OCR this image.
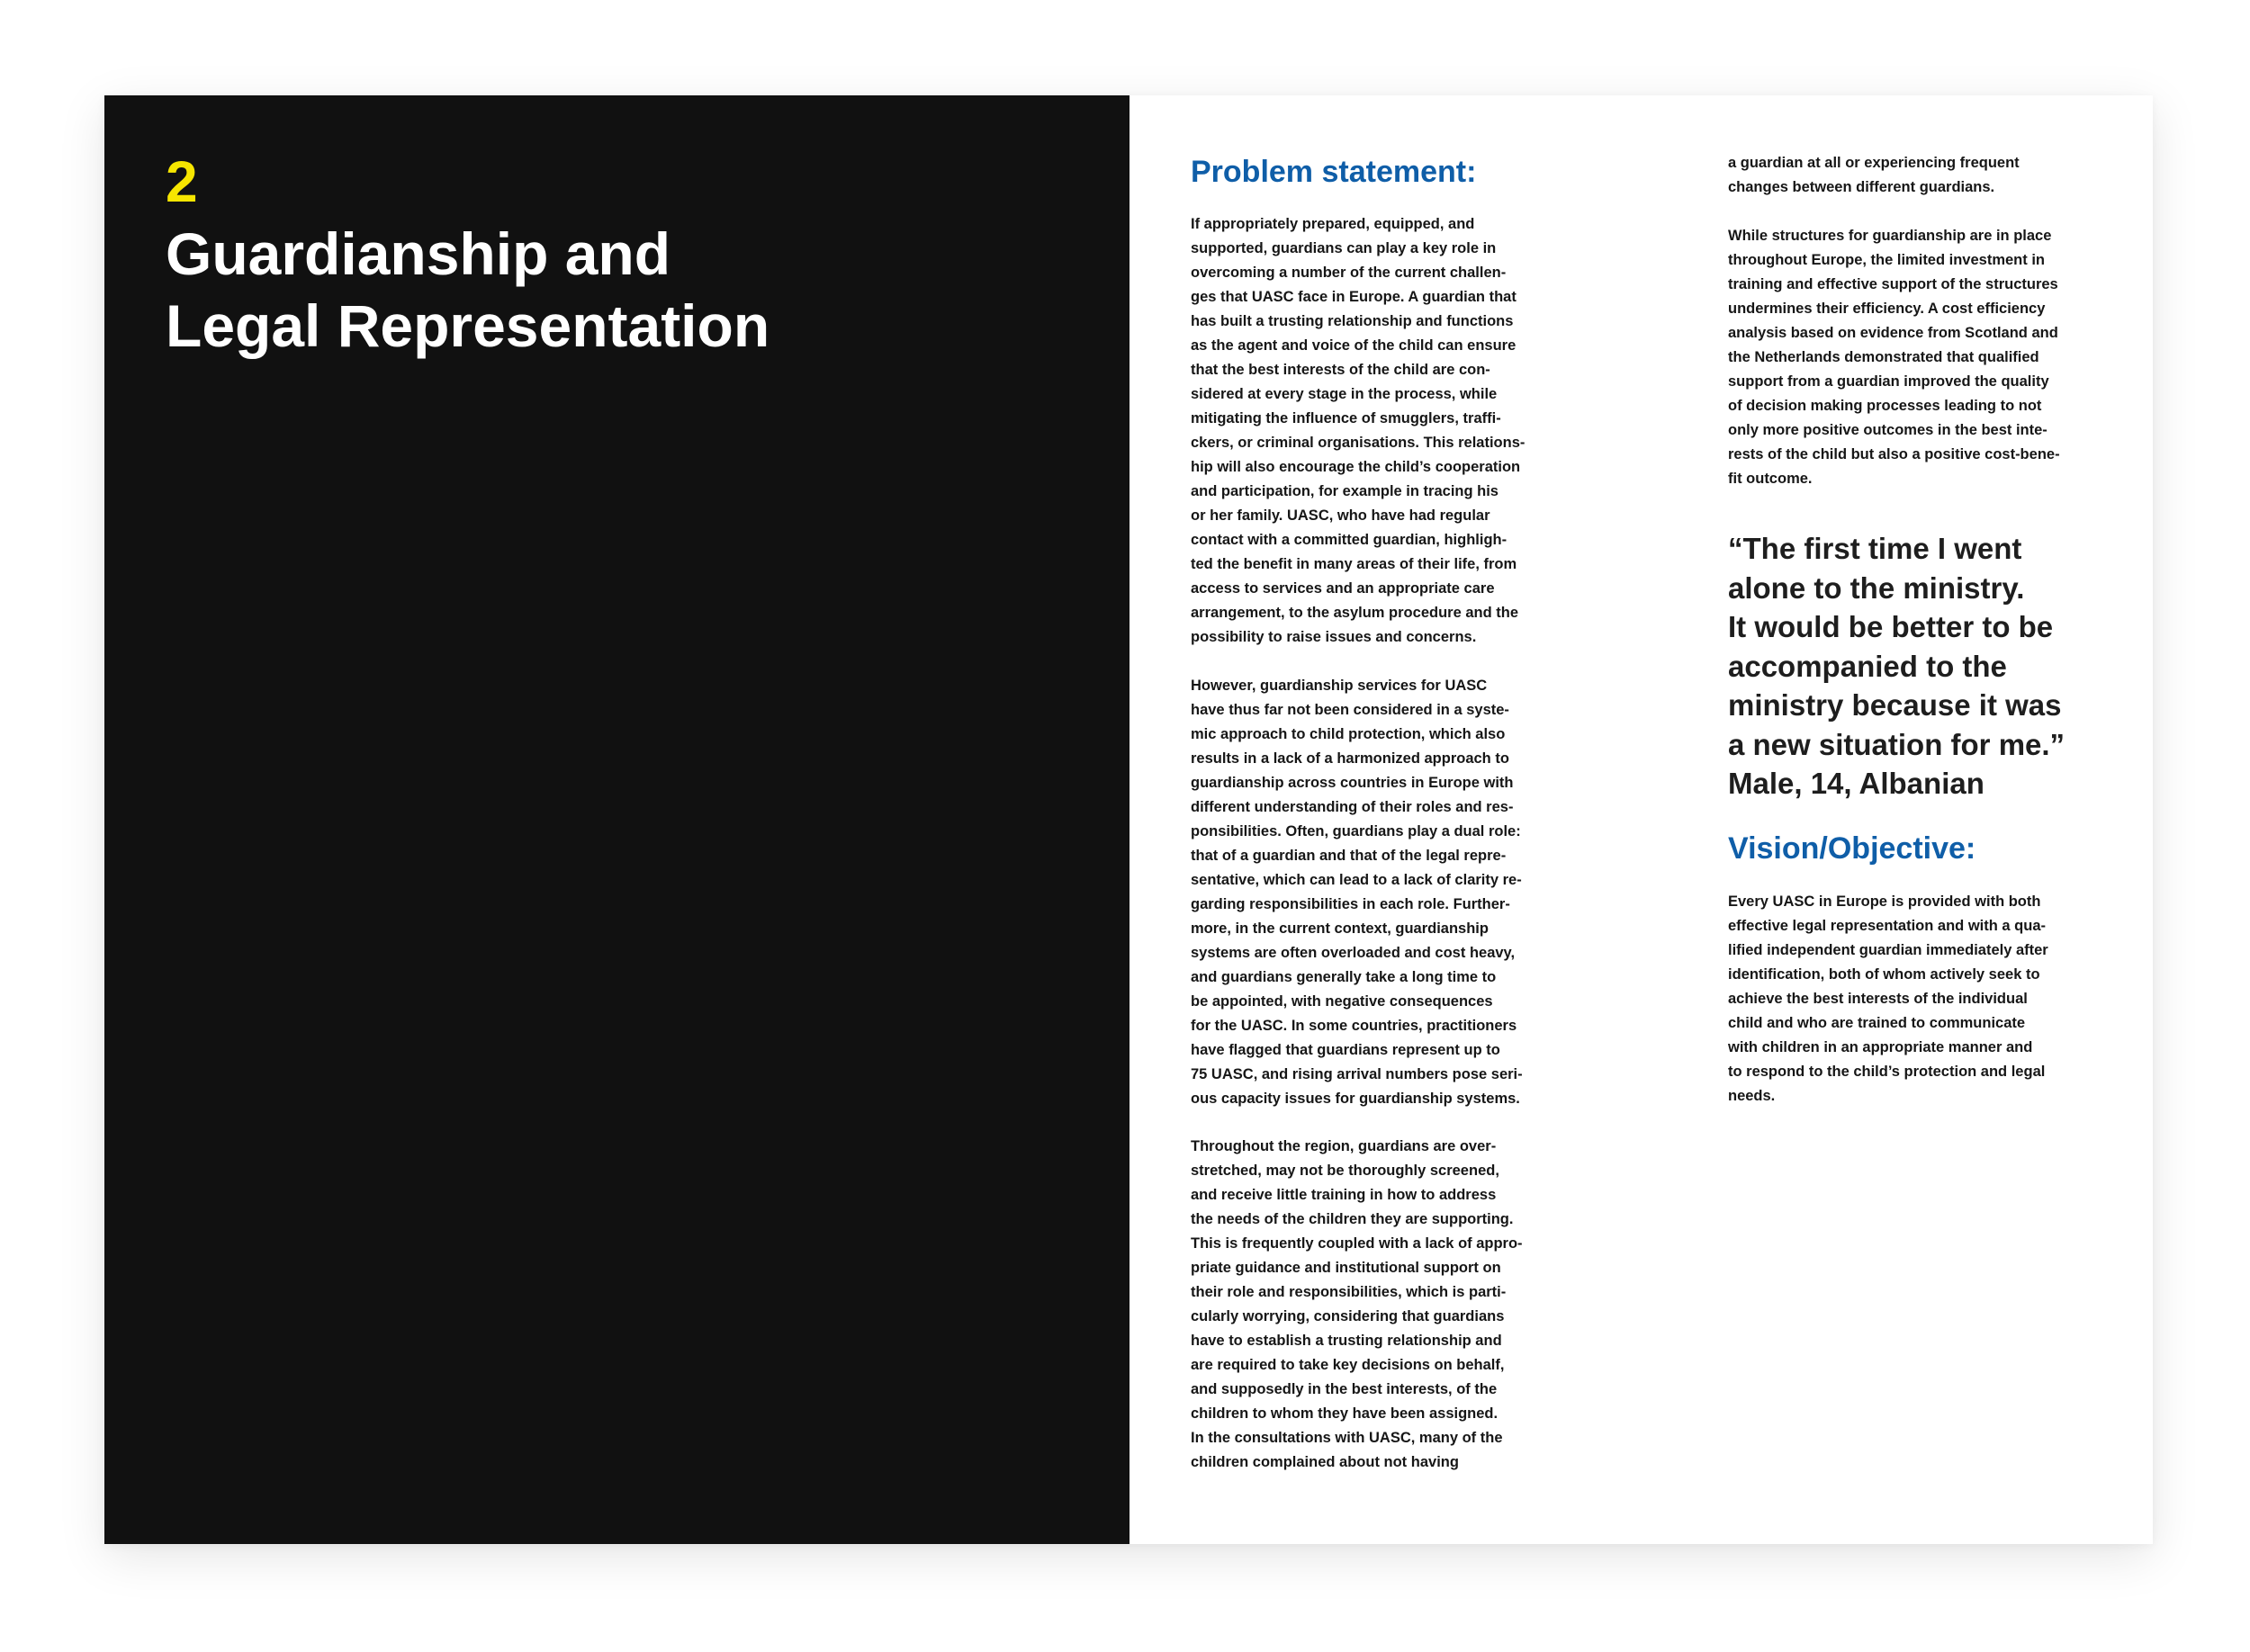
2
Guardianship and
Legal Representation
Problem statement:

If appropriately prepared, equipped, and
supported, guardians can play a key role in
overcoming a number of the current challen-
ges that UASC face in Europe. A guardian that
has built a trusting relationship and functions
as the agent and voice of the child can ensure
that the best interests of the child are con-
sidered at every stage in the process, while
mitigating the influence of smugglers, traffi-
ckers, or criminal organisations. This relations-
hip will also encourage the child’s cooperation
and participation, for example in tracing his
or her family. UASC, who have had regular
contact with a committed guardian, highligh-
ted the benefit in many areas of their life, from
access to services and an appropriate care
arrangement, to the asylum procedure and the
possibility to raise issues and concerns.

However, guardianship services for UASC
have thus far not been considered in a syste-
mic approach to child protection, which also
results in a lack of a harmonized approach to
guardianship across countries in Europe with
different understanding of their roles and res-
ponsibilities. Often, guardians play a dual role:
that of a guardian and that of the legal repre-
sentative, which can lead to a lack of clarity re-
garding responsibilities in each role. Further-
more, in the current context, guardianship
systems are often overloaded and cost heavy,
and guardians generally take a long time to
be appointed, with negative consequences
for the UASC. In some countries, practitioners
have flagged that guardians represent up to
75 UASC, and rising arrival numbers pose seri-
ous capacity issues for guardianship systems.

Throughout the region, guardians are over-
stretched, may not be thoroughly screened,
and receive little training in how to address
the needs of the children they are supporting.
This is frequently coupled with a lack of appro-
priate guidance and institutional support on
their role and responsibilities, which is parti-
cularly worrying, considering that guardians
have to establish a trusting relationship and
are required to take key decisions on behalf,
and supposedly in the best interests, of the
children to whom they have been assigned.
In the consultations with UASC, many of the
children complained about not having

a guardian at all or experiencing frequent
changes between different guardians.

While structures for guardianship are in place
throughout Europe, the limited investment in
training and effective support of the structures
undermines their efficiency. A cost efficiency
analysis based on evidence from Scotland and
the Netherlands demonstrated that qualified
support from a guardian improved the quality
of decision making processes leading to not
only more positive outcomes in the best inte-
rests of the child but also a positive cost-bene-
fit outcome.

“The first time I went
alone to the ministry.
It would be better to be
accompanied to the
ministry because it was
a new situation for me.”
Male, 14, Albanian
Vision/Objective:

Every UASC in Europe is provided with both
effective legal representation and with a qua-
lified independent guardian immediately after
identification, both of whom actively seek to
achieve the best interests of the individual
child and who are trained to communicate
with children in an appropriate manner and
to respond to the child’s protection and legal
needs.
